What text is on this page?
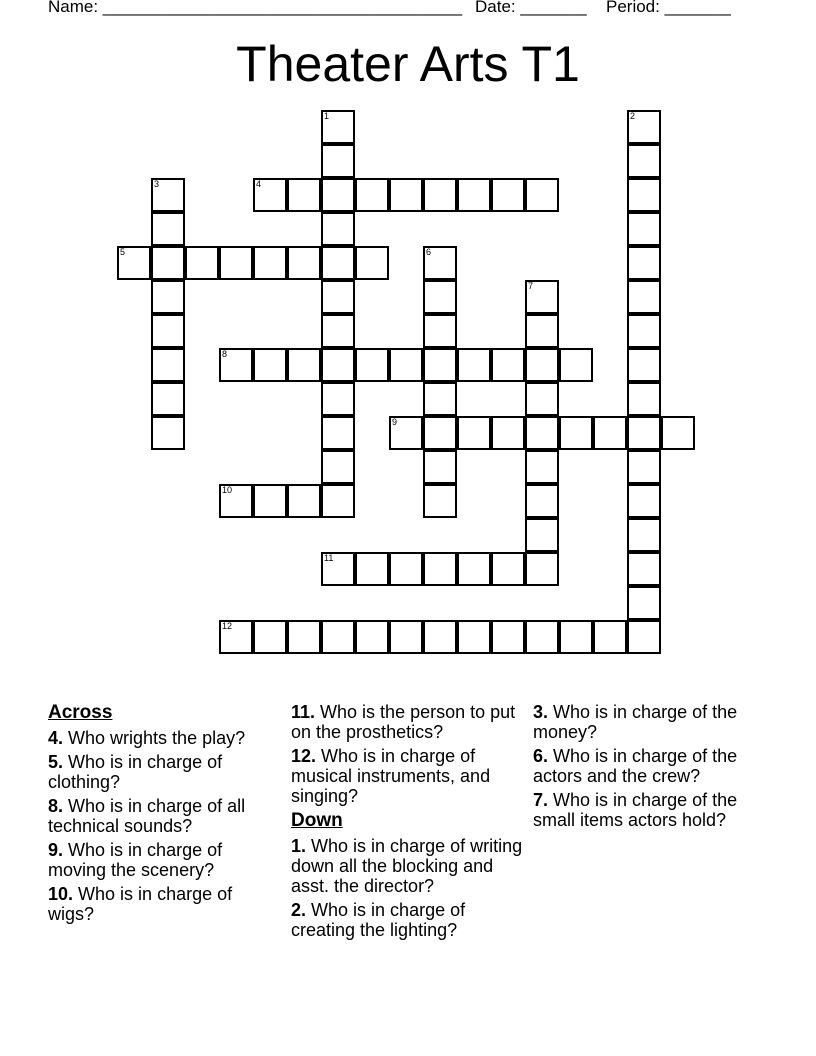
Name: ______________________________________ Date: _______ Period: _______
Theater Arts T1
1	2
3	4
5	6
7
8
9
10
11
12
Across
4. Who wrights the play?
5. Who is in charge of clothing?
8. Who is in charge of all technical sounds?
9. Who is in charge of moving the scenery?
10. Who is in charge of wigs?
11. Who is the person to put on the prosthetics?
12. Who is in charge of musical instruments, and singing?
Down
1. Who is in charge of writing down all the blocking and asst. the director?
2. Who is in charge of creating the lighting?
3. Who is in charge of the money?
6. Who is in charge of the actors and the crew?
7. Who is in charge of the small items actors hold?
